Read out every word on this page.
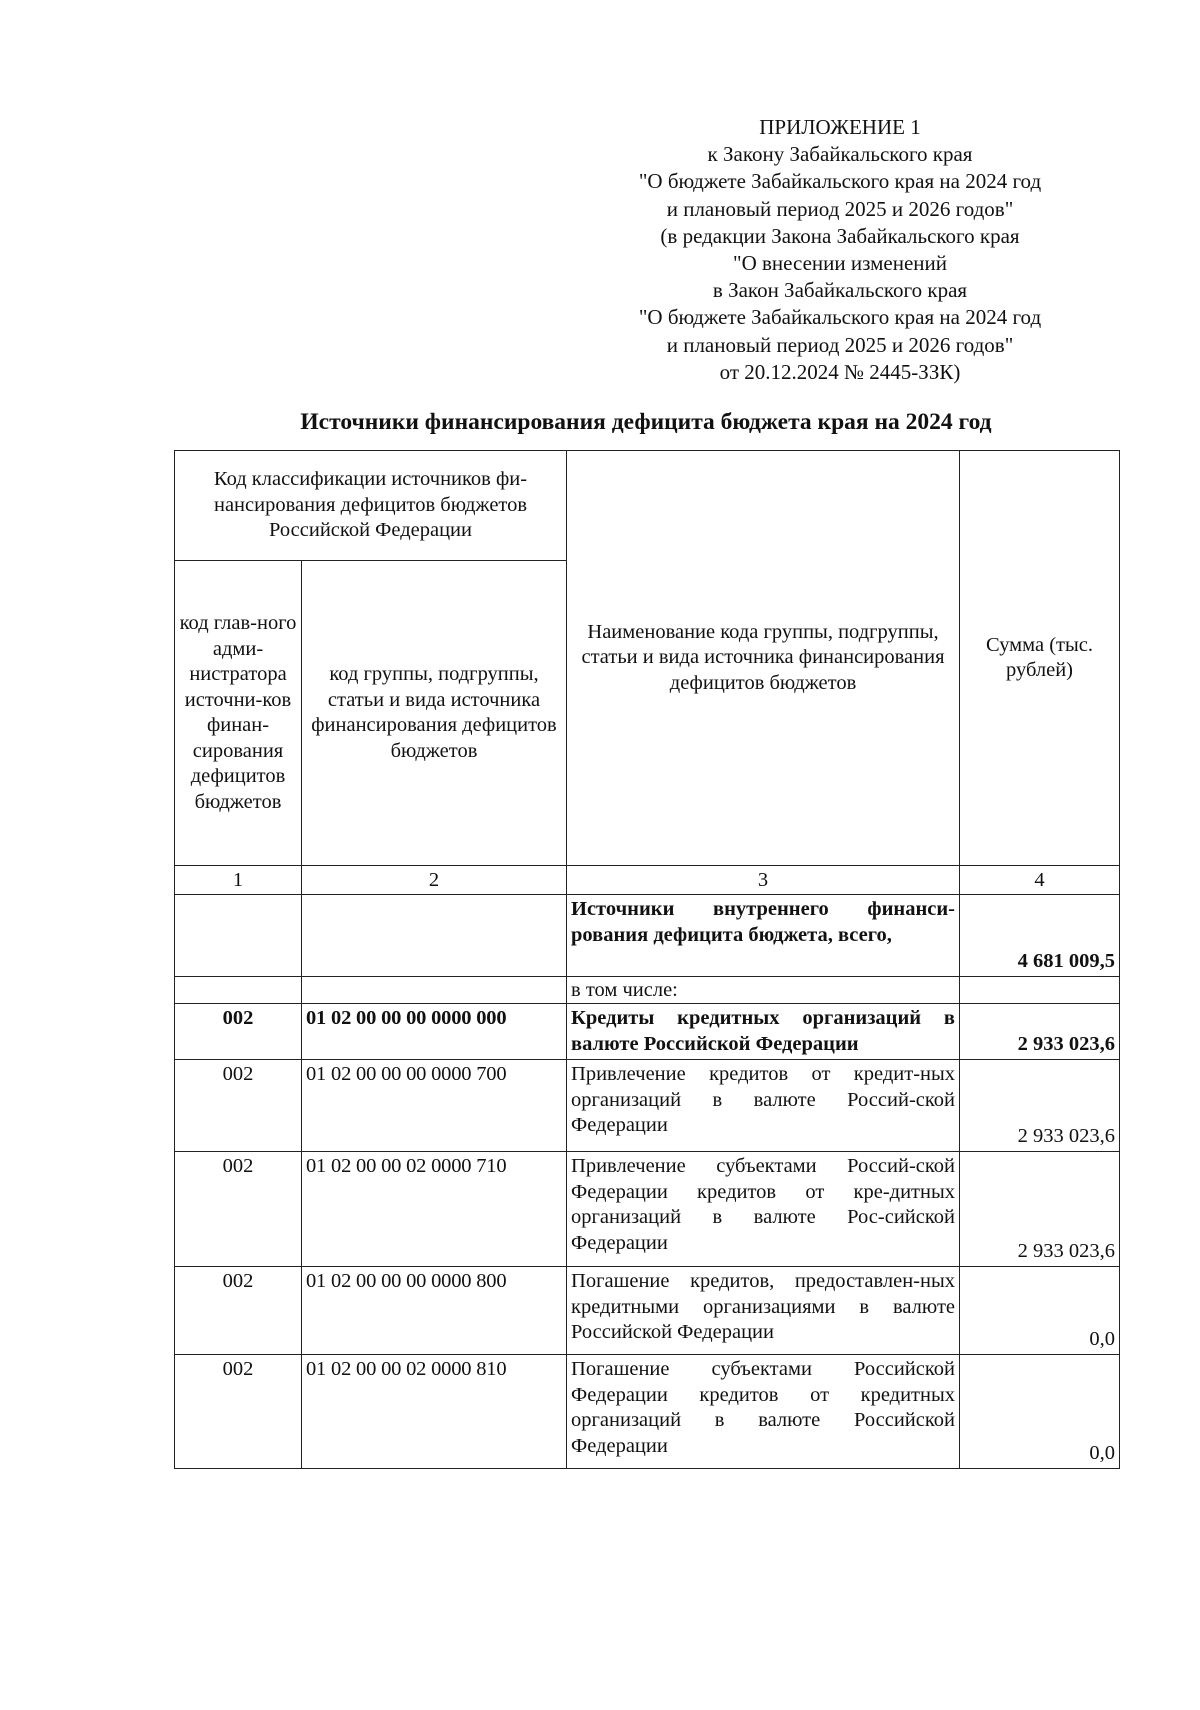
ПРИЛОЖЕНИЕ 1
к Закону Забайкальского края
"О бюджете Забайкальского края на 2024 год
и плановый период 2025 и 2026 годов"
(в редакции Закона Забайкальского края
"О внесении изменений
в Закон Забайкальского края
"О бюджете Забайкальского края на 2024 год
и плановый период 2025 и 2026 годов"
от 20.12.2024 № 2445-ЗЗК)
Источники финансирования дефицита бюджета края на 2024 год
Код классификации источников фи-нансирования дефицитов бюджетов Российской Федерации		Наименование кода группы, подгруппы, статьи и вида источника финансирования дефицитов бюджетов	Сумма (тыс. рублей)
код глав-ного адми-нистратора источни-ков финан-сирования дефицитов бюджетов	код группы, подгруппы, статьи и вида источника финансирования дефицитов бюджетов		
1	2	3	4
		Источники внутреннего финанси-рования дефицита бюджета, всего,	4 681 009,5
		в том числе:	
002	01 02 00 00 00 0000 000	Кредиты кредитных организаций в валюте Российской Федерации	2 933 023,6
002	01 02 00 00 00 0000 700	Привлечение кредитов от кредит-ных организаций в валюте Россий-ской Федерации	2 933 023,6
002	01 02 00 00 02 0000 710	Привлечение субъектами Россий-ской Федерации кредитов от кре-дитных организаций в валюте Рос-сийской Федерации	2 933 023,6
002	01 02 00 00 00 0000 800	Погашение кредитов, предоставлен-ных кредитными организациями в валюте Российской Федерации	0,0
002	01 02 00 00 02 0000 810	Погашение субъектами Российской Федерации кредитов от кредитных организаций в валюте Российской Федерации	0,0
